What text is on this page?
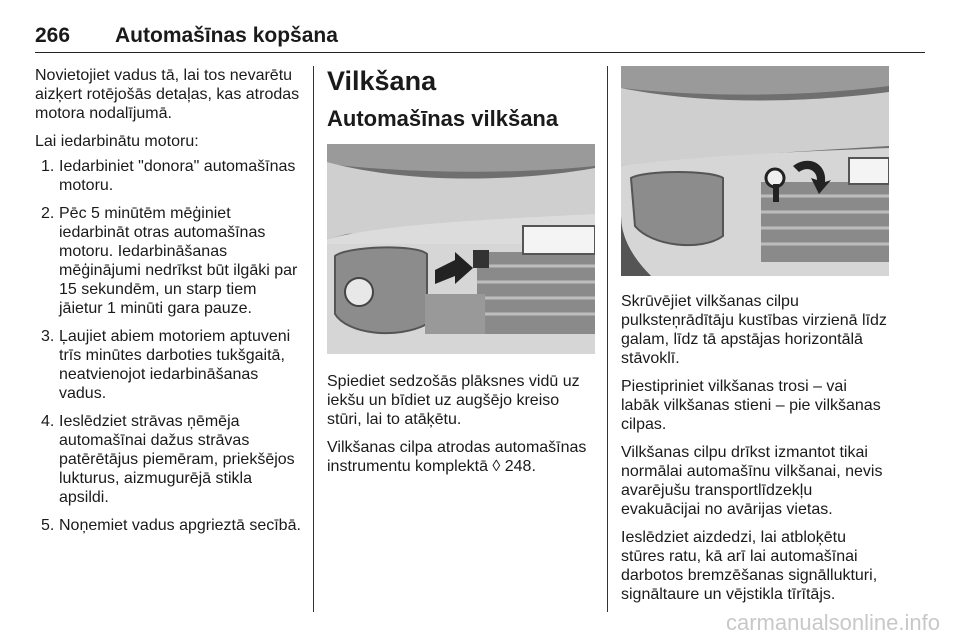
266 Automašīnas kopšana

Novietojiet vadus tā, lai tos nevarētu aizķert rotējošās detaļas, kas atrodas motora nodalījumā.

Lai iedarbinātu motoru:

1. Iedarbiniet "donora" automašīnas motoru.
2. Pēc 5 minūtēm mēģiniet iedarbināt otras automašīnas motoru. Iedarbināšanas mēģinājumi nedrīkst būt ilgāki par 15 sekundēm, un starp tiem jāietur 1 minūti gara pauze.
3. Ļaujiet abiem motoriem aptuveni trīs minūtes darboties tukšgaitā, neatvienojot iedarbināšanas vadus.
4. Ieslēdziet strāvas ņēmēja automašīnai dažus strāvas patērētājus piemēram, priekšējos lukturus, aizmugurējā stikla apsildi.
5. Noņemiet vadus apgrieztā secībā.
Vilkšana
Automašīnas vilkšana

Spiediet sedzošās plāksnes vidū uz iekšu un bīdiet uz augšējo kreiso stūri, lai to atāķētu.

Vilkšanas cilpa atrodas automašīnas instrumentu komplektā ◊ 248.

Skrūvējiet vilkšanas cilpu pulksteņrādītāju kustības virzienā līdz galam, līdz tā apstājas horizontālā stāvoklī.

Piestipriniet vilkšanas trosi – vai labāk vilkšanas stieni – pie vilkšanas cilpas.

Vilkšanas cilpu drīkst izmantot tikai normālai automašīnu vilkšanai, nevis avarējušu transportlīdzekļu evakuācijai no avārijas vietas.

Ieslēdziet aizdedzi, lai atbloķētu stūres ratu, kā arī lai automašīnai darbotos bremzēšanas signāllukturi, signāltaure un vējstikla tīrītājs.

carmanualsonline.info
